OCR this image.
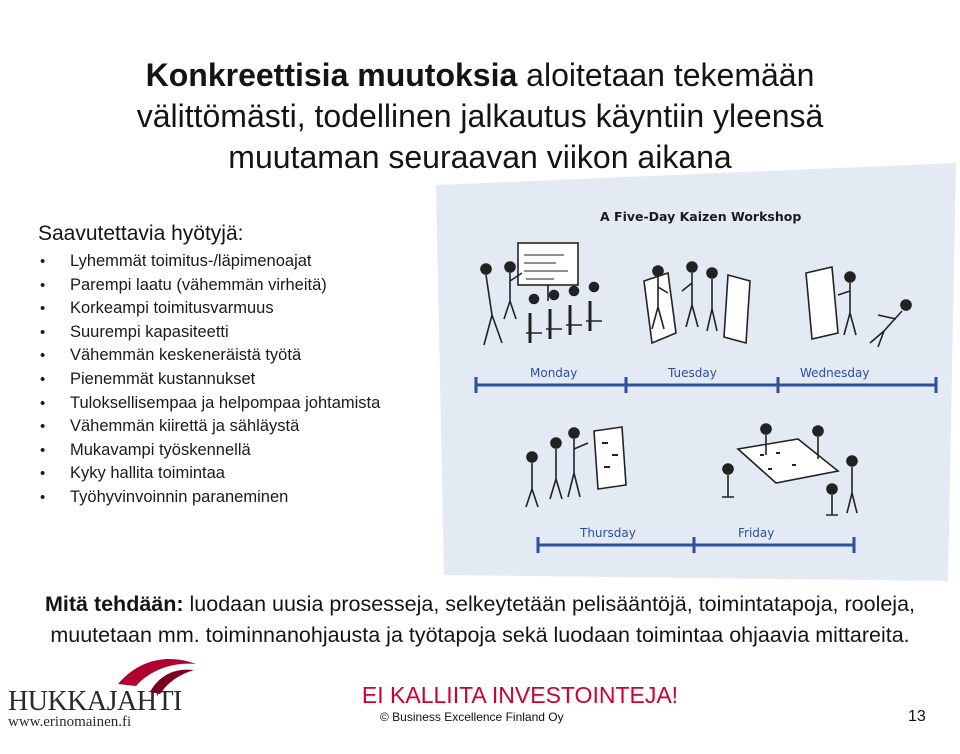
Konkreettisia muutoksia aloitetaan tekemään välittömästi, todellinen jalkautus käyntiin yleensä muutaman seuraavan viikon aikana
Saavutettavia hyötyjä:
• Lyhemmät toimitus-/läpimenoajat
• Parempi laatu (vähemmän virheitä)
• Korkeampi toimitusvarmuus
• Suurempi kapasiteetti
• Vähemmän keskeneräistä työtä
• Pienemmät kustannukset
• Tuloksellisempaa ja helpompaa johtamista
• Vähemmän kiirettä ja sähläystä
• Mukavampi työskennellä
• Kyky hallita toimintaa
• Työhyvinvoinnin paraneminen
A Five-Day Kaizen Workshop
Monday	Tuesday	Wednesday
Thursday	Friday
Mitä tehdään: luodaan uusia prosesseja, selkeytetään pelisääntöjä, toimintatapoja, rooleja, muutetaan mm. toiminnanohjausta ja työtapoja sekä luodaan toimintaa ohjaavia mittareita.
EI KALLIITA INVESTOINTEJA!
HUKKAJAHTI
www.erinomainen.fi	© Business Excellence Finland Oy	13
